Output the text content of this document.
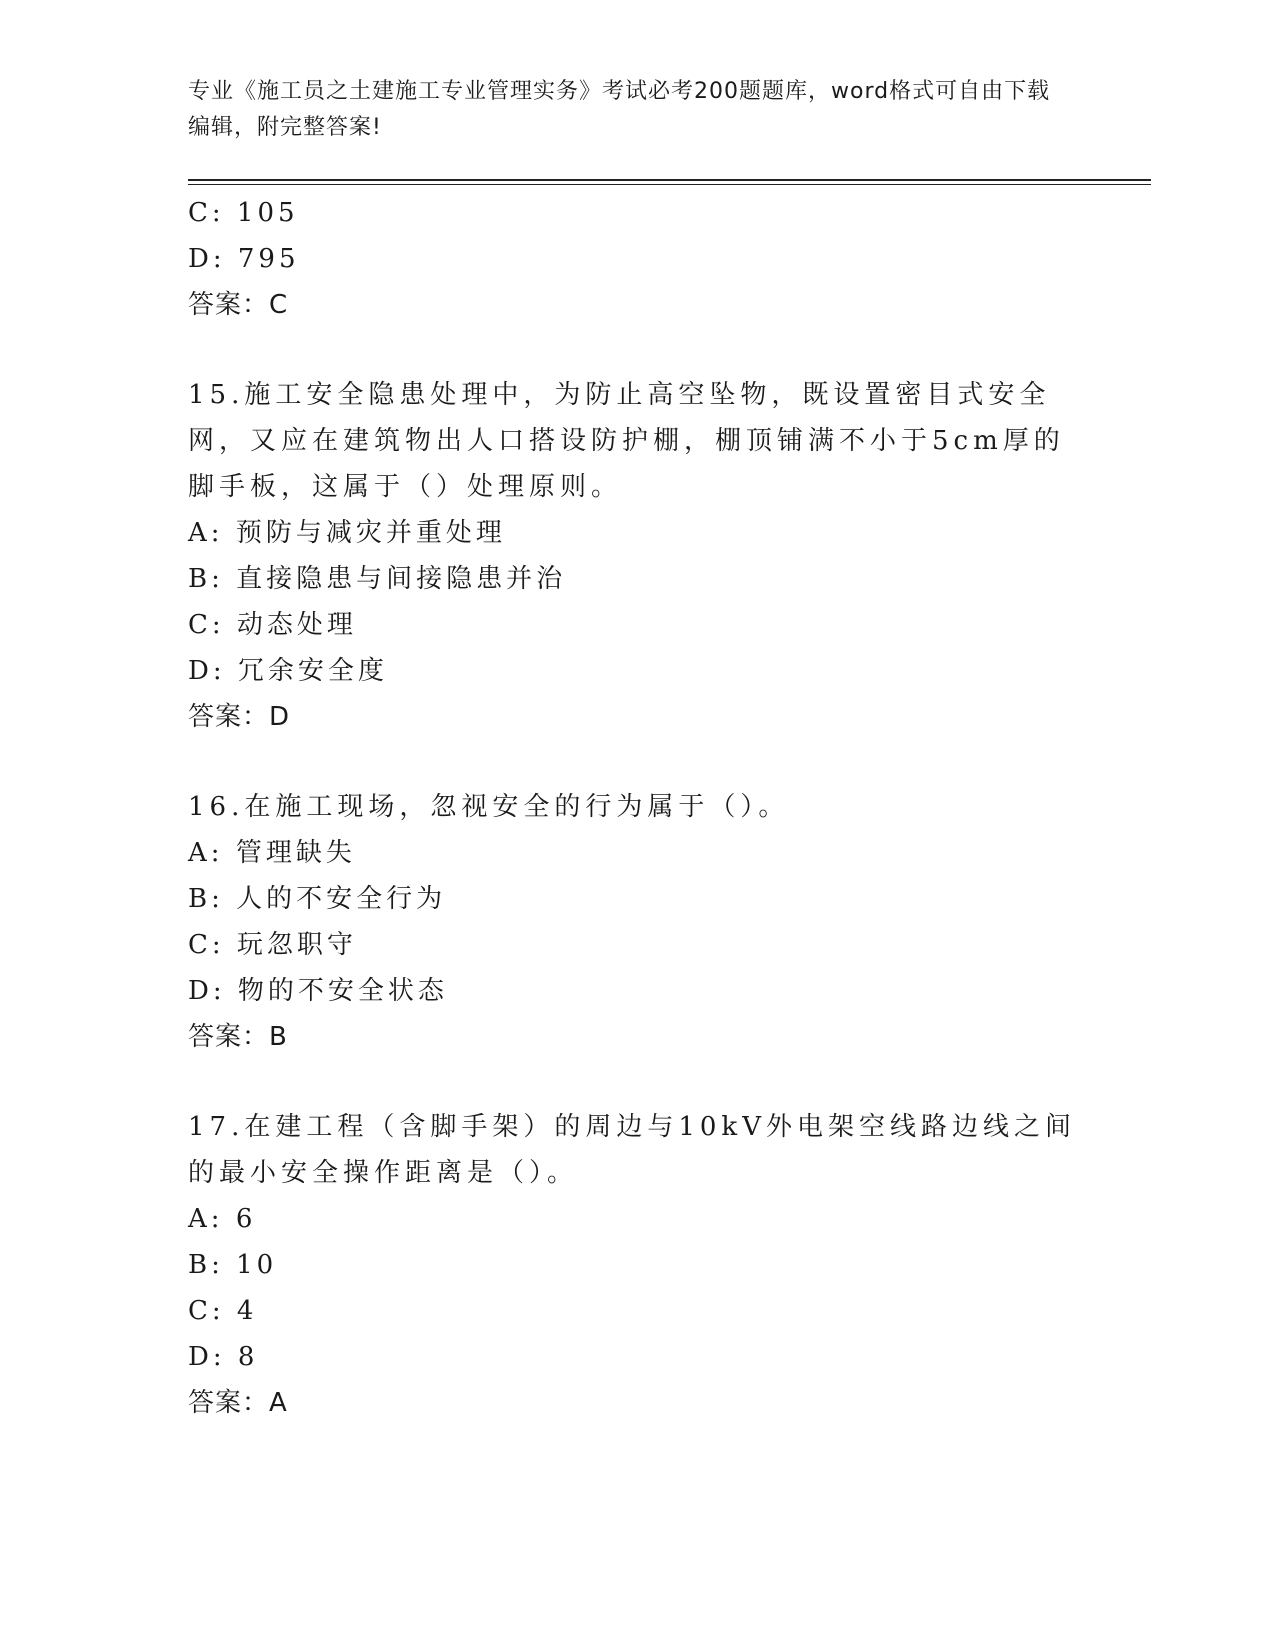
专业《施工员之土建施工专业管理实务》考试必考200题题库，word格式可自由下载编辑，附完整答案!
C: 105
D: 795
答案：C
15.施工安全隐患处理中，为防止高空坠物，既设置密目式安全网，又应在建筑物出人口搭设防护棚，棚顶铺满不小于5cm厚的脚手板，这属于（）处理原则。
A: 预防与减灾并重处理
B: 直接隐患与间接隐患并治
C: 动态处理
D: 冗余安全度
答案：D
16.在施工现场，忽视安全的行为属于（）。
A: 管理缺失
B: 人的不安全行为
C: 玩忽职守
D: 物的不安全状态
答案：B
17.在建工程（含脚手架）的周边与10kV外电架空线路边线之间的最小安全操作距离是（）。
A: 6
B: 10
C: 4
D: 8
答案：A
